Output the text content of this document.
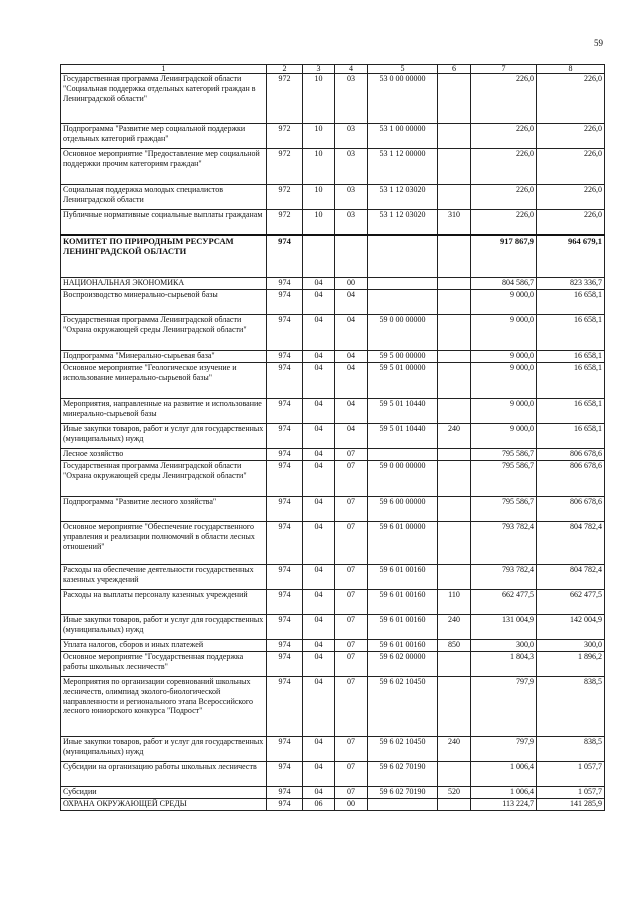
59
1	2	3	4	5	6	7	8
Государственная программа Ленинградской области "Социальная поддержка отдельных категорий граждан в Ленинградской области"	972	10	03	53 0 00 00000		226,0	226,0
Подпрограмма "Развитие мер социальной поддержки отдельных категорий граждан"	972	10	03	53 1 00 00000		226,0	226,0
Основное мероприятие "Предоставление мер социальной поддержки прочим категориям граждан"	972	10	03	53 1 12 00000		226,0	226,0
Социальная поддержка молодых специалистов Ленинградской области	972	10	03	53 1 12 03020		226,0	226,0
Публичные нормативные социальные выплаты гражданам	972	10	03	53 1 12 03020	310	226,0	226,0
КОМИТЕТ ПО ПРИРОДНЫМ РЕСУРСАМ ЛЕНИНГРАДСКОЙ ОБЛАСТИ	974					917 867,9	964 679,1
НАЦИОНАЛЬНАЯ ЭКОНОМИКА	974	04	00			804 586,7	823 336,7
Воспроизводство минерально-сырьевой базы	974	04	04			9 000,0	16 658,1
Государственная программа Ленинградской области "Охрана окружающей среды Ленинградской области"	974	04	04	59 0 00 00000		9 000,0	16 658,1
Подпрограмма "Минерально-сырьевая база"	974	04	04	59 5 00 00000		9 000,0	16 658,1
Основное мероприятие "Геологическое изучение и использование минерально-сырьевой базы"	974	04	04	59 5 01 00000		9 000,0	16 658,1
Мероприятия, направленные на развитие и использование минерально-сырьевой базы	974	04	04	59 5 01 10440		9 000,0	16 658,1
Иные закупки товаров, работ и услуг для государственных (муниципальных) нужд	974	04	04	59 5 01 10440	240	9 000,0	16 658,1
Лесное хозяйство	974	04	07			795 586,7	806 678,6
Государственная программа Ленинградской области "Охрана окружающей среды Ленинградской области"	974	04	07	59 0 00 00000		795 586,7	806 678,6
Подпрограмма "Развитие лесного хозяйства"	974	04	07	59 6 00 00000		795 586,7	806 678,6
Основное мероприятие "Обеспечение государственного управления и реализации полномочий в области лесных отношений"	974	04	07	59 6 01 00000		793 782,4	804 782,4
Расходы на обеспечение деятельности государственных казенных учреждений	974	04	07	59 6 01 00160		793 782,4	804 782,4
Расходы на выплаты персоналу казенных учреждений	974	04	07	59 6 01 00160	110	662 477,5	662 477,5
Иные закупки товаров, работ и услуг для государственных (муниципальных) нужд	974	04	07	59 6 01 00160	240	131 004,9	142 004,9
Уплата налогов, сборов и иных платежей	974	04	07	59 6 01 00160	850	300,0	300,0
Основное мероприятие "Государственная поддержка работы школьных лесничеств"	974	04	07	59 6 02 00000		1 804,3	1 896,2
Мероприятия по организации соревнований школьных лесничеств, олимпиад эколого-биологической направленности и регионального этапа Всероссийского лесного юниорского конкурса "Подрост"	974	04	07	59 6 02 10450		797,9	838,5
Иные закупки товаров, работ и услуг для государственных (муниципальных) нужд	974	04	07	59 6 02 10450	240	797,9	838,5
Субсидии на организацию работы школьных лесничеств	974	04	07	59 6 02 70190		1 006,4	1 057,7
Субсидии	974	04	07	59 6 02 70190	520	1 006,4	1 057,7
ОХРАНА ОКРУЖАЮЩЕЙ СРЕДЫ	974	06	00			113 224,7	141 285,9
